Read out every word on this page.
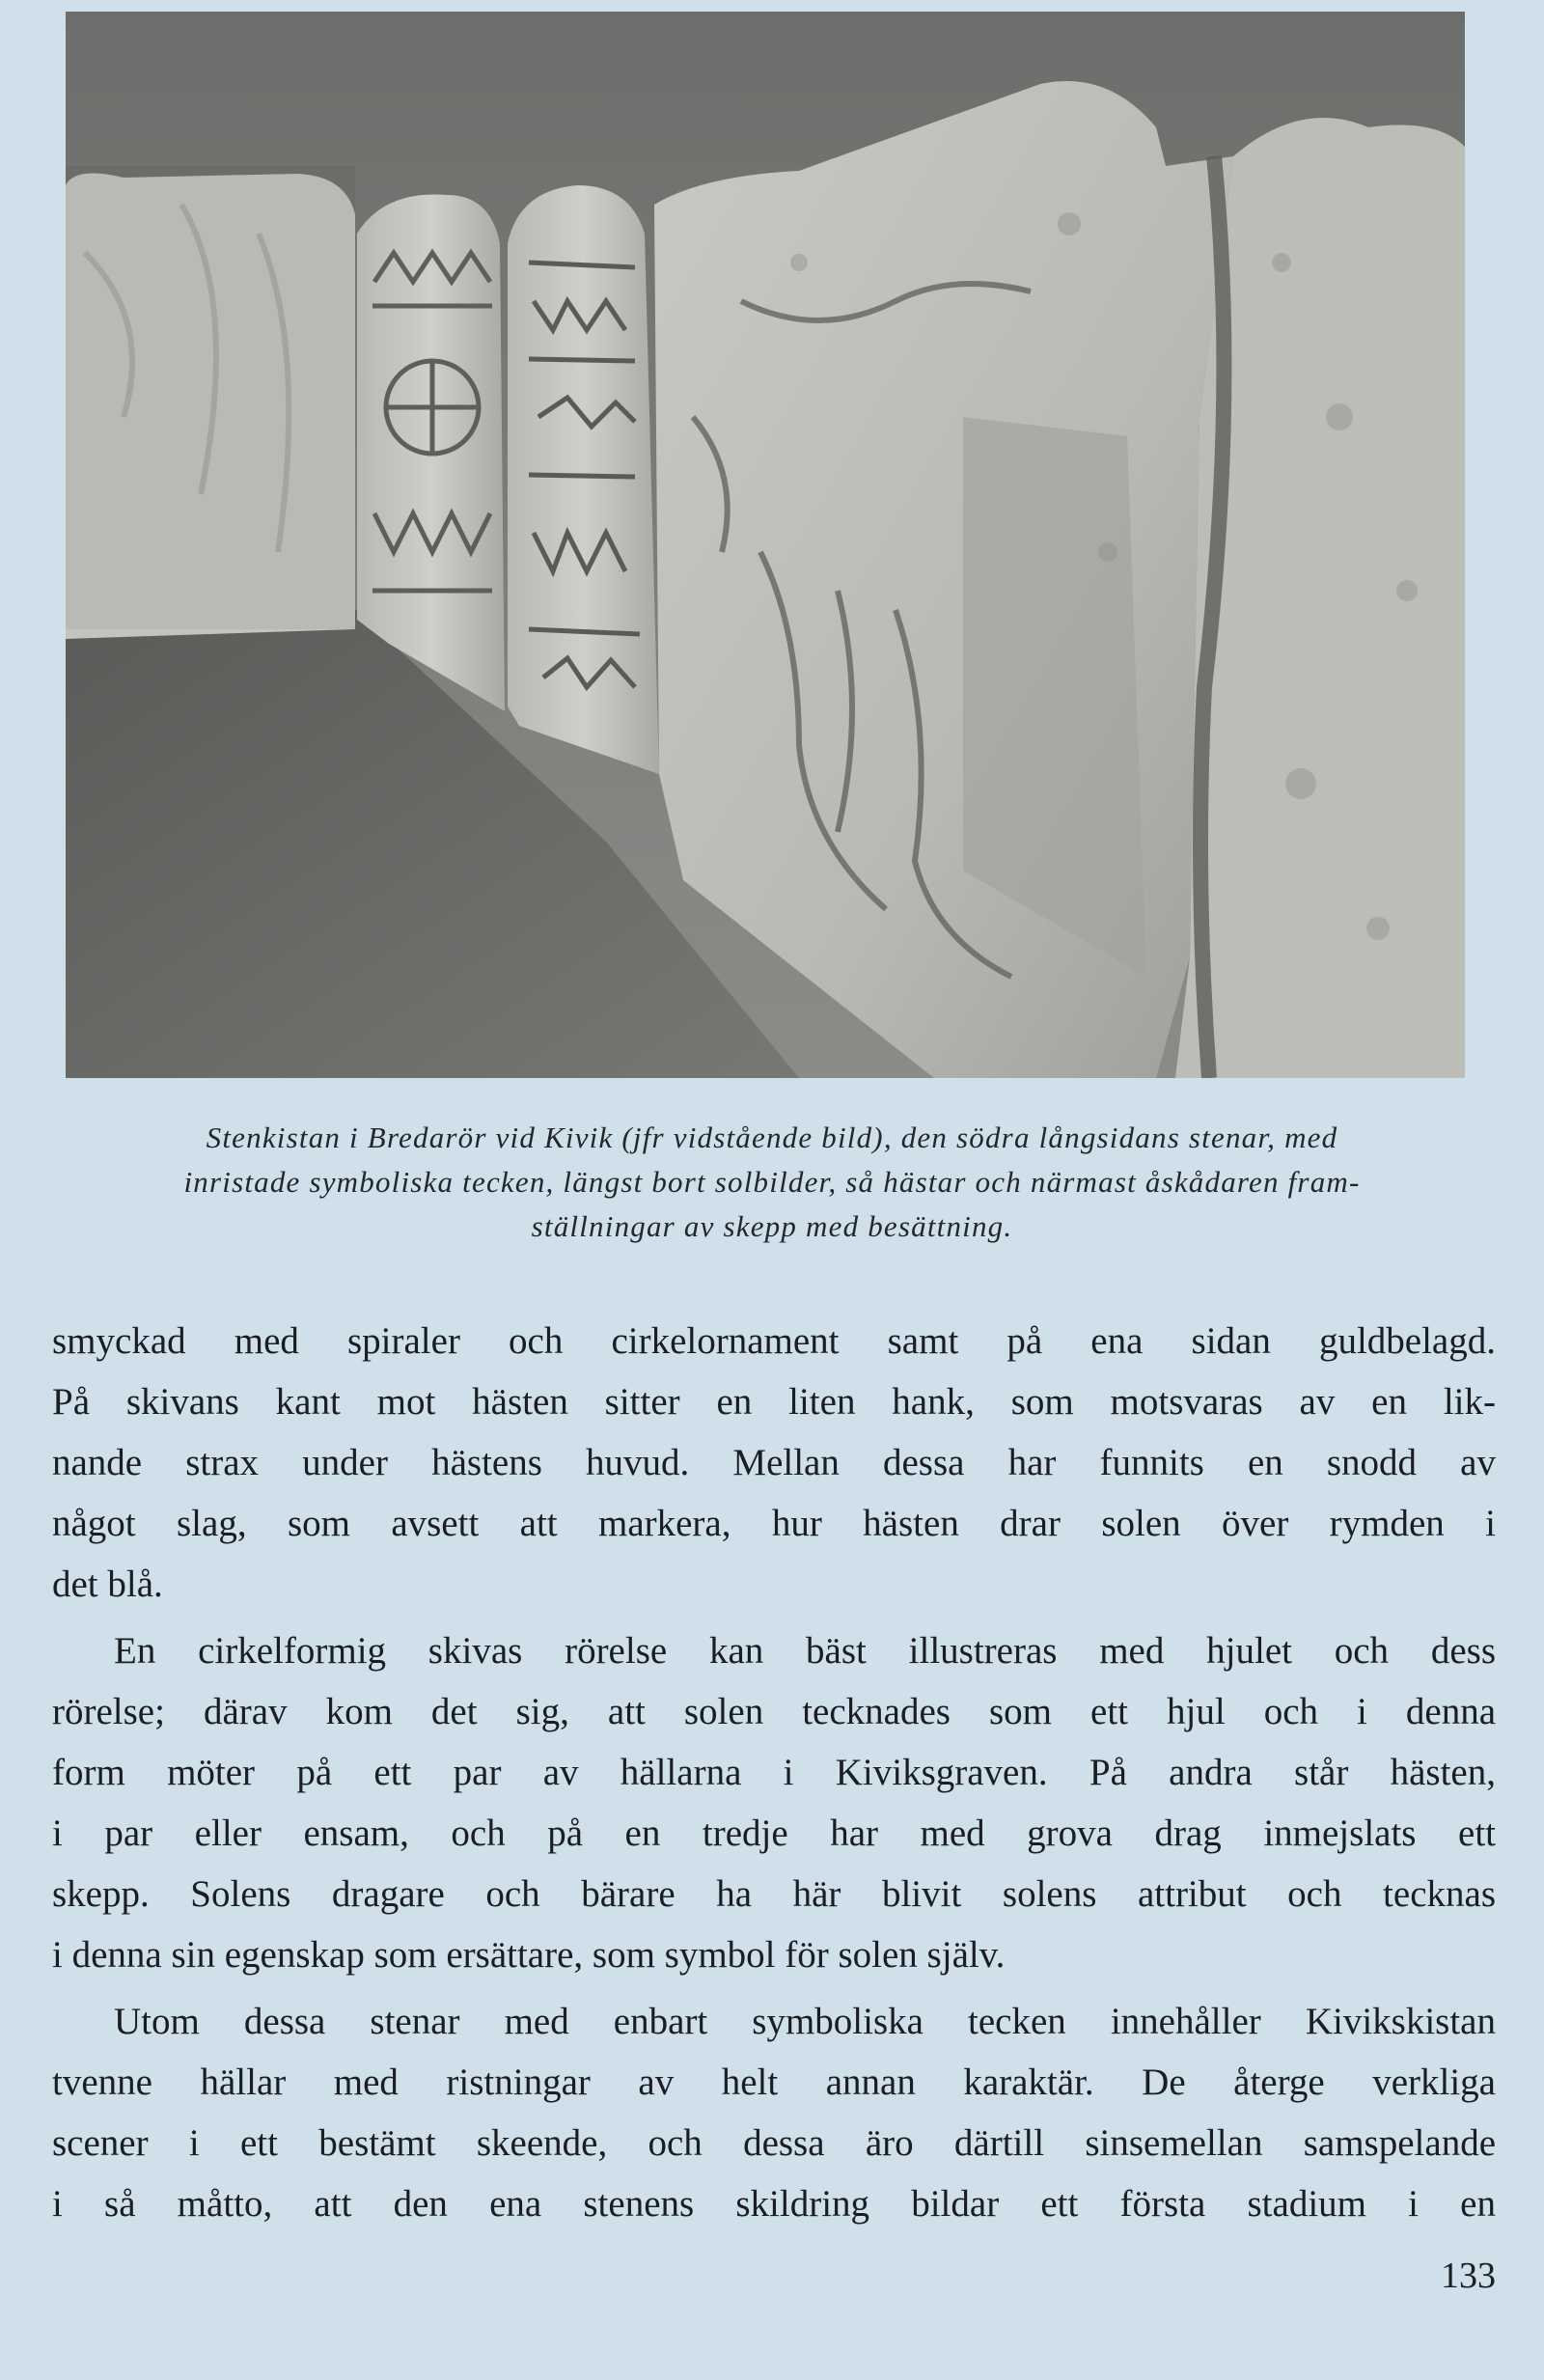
Stenkistan i Bredarör vid Kivik (jfr vidstående bild), den södra långsidans stenar, med
inristade symboliska tecken, längst bort solbilder, så hästar och närmast åskådaren fram-
ställningar av skepp med besättning.
smyckad med spiraler och cirkelornament samt på ena sidan guldbelagd.
På skivans kant mot hästen sitter en liten hank, som motsvaras av en lik-
nande strax under hästens huvud. Mellan dessa har funnits en snodd av
något slag, som avsett att markera, hur hästen drar solen över rymden i
det blå.
En cirkelformig skivas rörelse kan bäst illustreras med hjulet och dess
rörelse; därav kom det sig, att solen tecknades som ett hjul och i denna
form möter på ett par av hällarna i Kiviksgraven. På andra står hästen,
i par eller ensam, och på en tredje har med grova drag inmejslats ett
skepp. Solens dragare och bärare ha här blivit solens attribut och tecknas
i denna sin egenskap som ersättare, som symbol för solen själv.
Utom dessa stenar med enbart symboliska tecken innehåller Kivikskistan
tvenne hällar med ristningar av helt annan karaktär. De återge verkliga
scener i ett bestämt skeende, och dessa äro därtill sinsemellan samspelande
i så måtto, att den ena stenens skildring bildar ett första stadium i en
133
